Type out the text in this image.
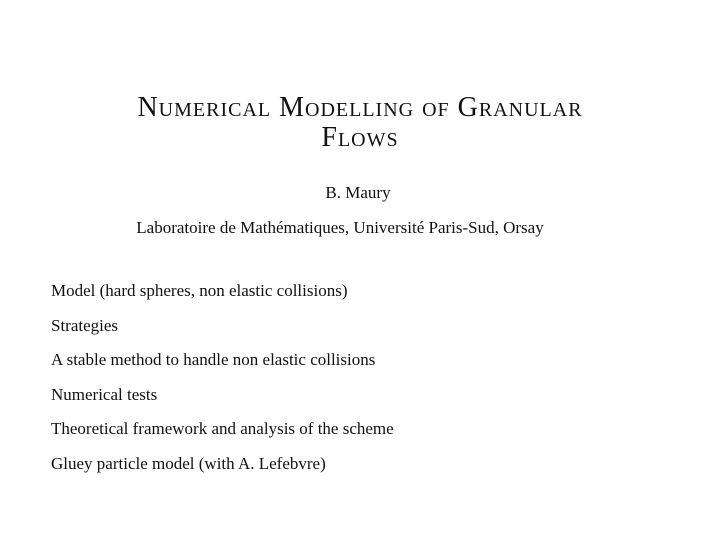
Numerical Modelling of Granular
Flows

B. Maury

Laboratoire de Mathématiques, Université Paris-Sud, Orsay

Model (hard spheres, non elastic collisions)
Strategies
A stable method to handle non elastic collisions
Numerical tests
Theoretical framework and analysis of the scheme
Gluey particle model (with A. Lefebvre)
